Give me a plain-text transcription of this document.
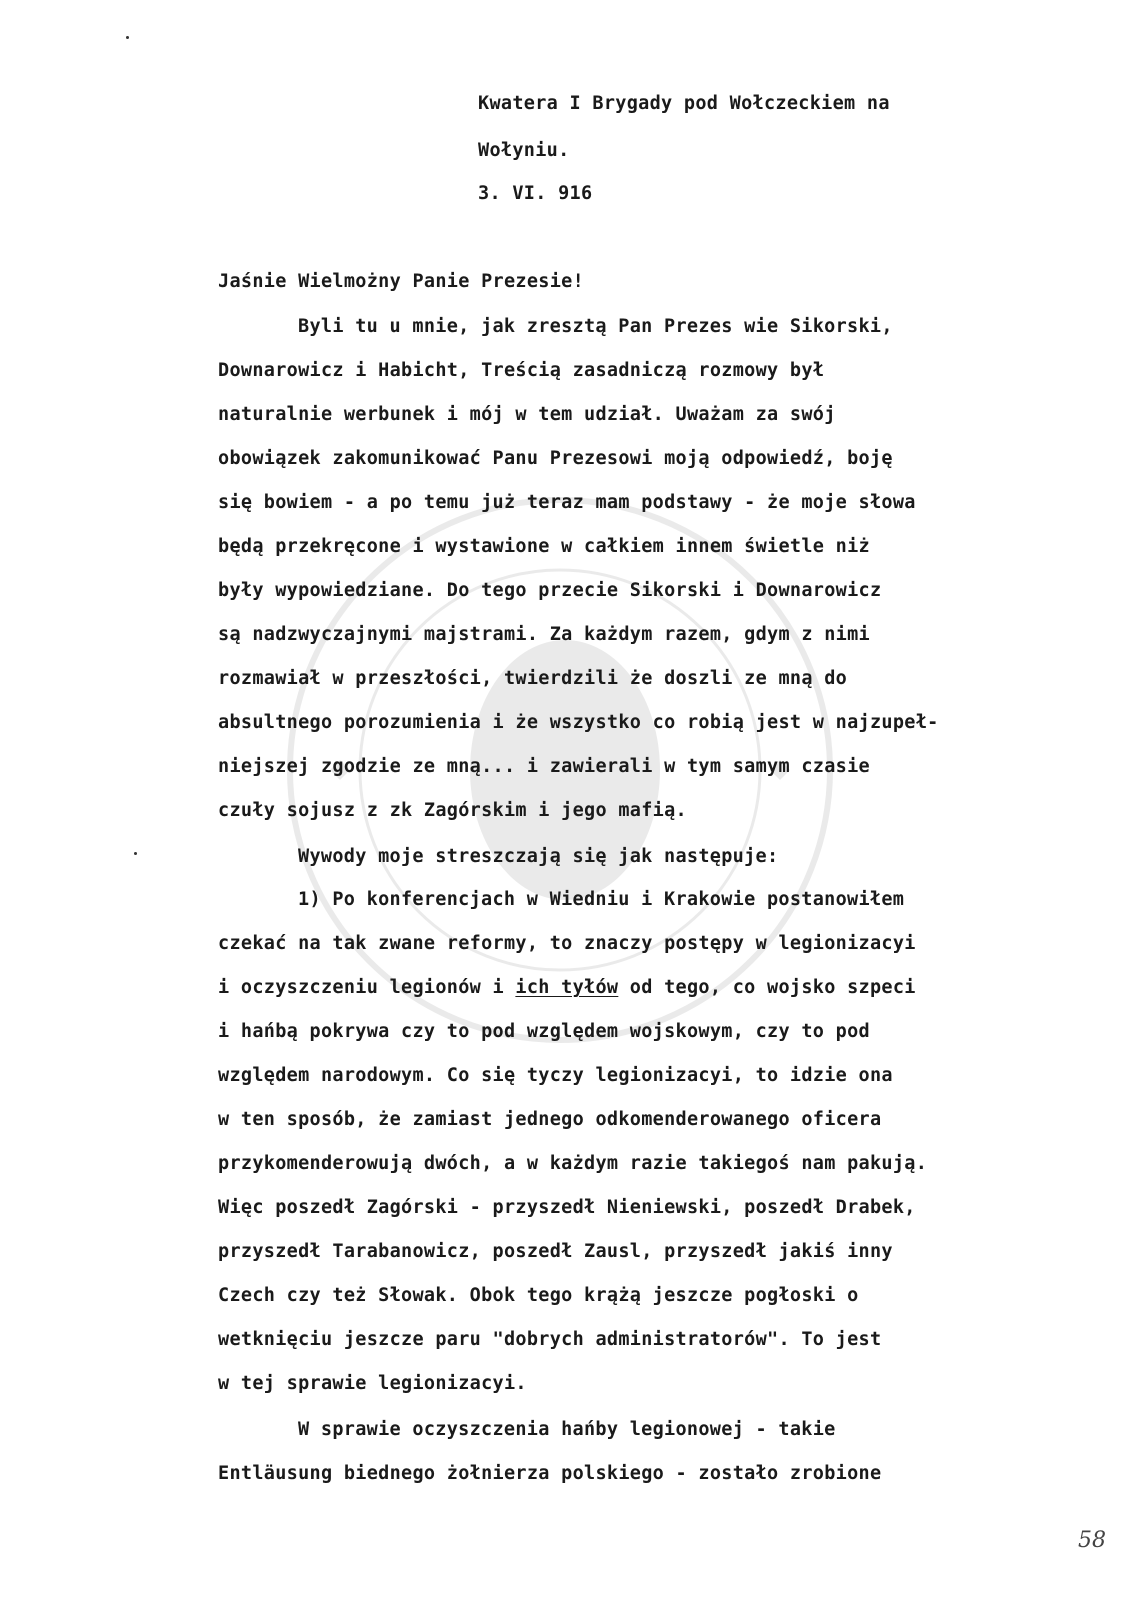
Kwatera I Brygady pod Wołczeckiem na
Wołyniu.
3. VI. 916
Jaśnie Wielmożny Panie Prezesie!
Byli tu u mnie, jak zresztą Pan Prezes wie Sikorski,
Downarowicz i Habicht, Treścią zasadniczą rozmowy był
naturalnie werbunek i mój w tem udział. Uważam za swój
obowiązek zakomunikować Panu Prezesowi moją odpowiedź, boję
się bowiem - a po temu już teraz mam podstawy - że moje słowa
będą przekręcone i wystawione w całkiem innem świetle niż
były wypowiedziane. Do tego przecie Sikorski i Downarowicz
są nadzwyczajnymi majstrami. Za każdym razem, gdym z nimi
rozmawiał w przeszłości, twierdzili że doszli ze mną do
absultnego porozumienia i że wszystko co robią jest w najzupeł-
niejszej zgodzie ze mną... i zawierali w tym samym czasie
czuły sojusz z zk Zagórskim i jego mafią.
Wywody moje streszczają się jak następuje:
1) Po konferencjach w Wiedniu i Krakowie postanowiłem
czekać na tak zwane reformy, to znaczy postępy w legionizacyi
i oczyszczeniu legionów i ich tyłów od tego, co wojsko szpeci
i hańbą pokrywa czy to pod względem wojskowym, czy to pod
względem narodowym. Co się tyczy legionizacyi, to idzie ona
w ten sposób, że zamiast jednego odkomenderowanego oficera
przykomenderowują dwóch, a w każdym razie takiegoś nam pakują.
Więc poszedł Zagórski - przyszedł Nieniewski, poszedł Drabek,
przyszedł Tarabanowicz, poszedł Zausl, przyszedł jakiś inny
Czech czy też Słowak. Obok tego krążą jeszcze pogłoski o
wetknięciu jeszcze paru "dobrych administratorów". To jest
w tej sprawie legionizacyi.
W sprawie oczyszczenia hańby legionowej - takie
Entläusung biednego żołnierza polskiego - zostało zrobione
58
